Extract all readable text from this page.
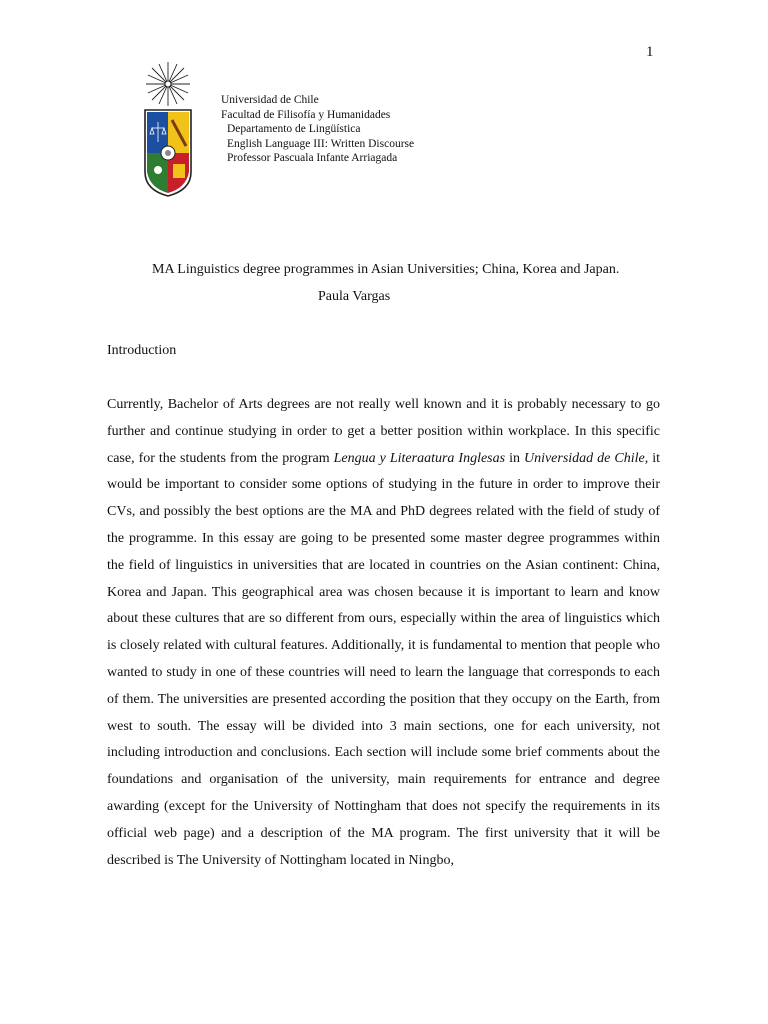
1
Universidad de Chile
Facultad de Filisofía y Humanidades
Departamento de Lingüística
English Language III: Written Discourse
Professor Pascuala Infante Arriagada
MA Linguistics degree programmes in Asian Universities; China, Korea and Japan.
Paula Vargas
Introduction
Currently, Bachelor of Arts degrees are not really well known and it is probably necessary to go further and continue studying in order to get a better position within workplace. In this specific case, for the students from the program Lengua y Literaatura Inglesas in Universidad de Chile, it would be important to consider some options of studying in the future in order to improve their CVs, and possibly the best options are the MA and PhD degrees related with the field of study of the programme. In this essay are going to be presented some master degree programmes within the field of linguistics in universities that are located in countries on the Asian continent: China, Korea and Japan. This geographical area was chosen because it is important to learn and know about these cultures that are so different from ours, especially within the area of linguistics which is closely related with cultural features. Additionally, it is fundamental to mention that people who wanted to study in one of these countries will need to learn the language that corresponds to each of them. The universities are presented according the position that they occupy on the Earth, from west to south. The essay will be divided into 3 main sections, one for each university, not including introduction and conclusions. Each section will include some brief comments about the foundations and organisation of the university, main requirements for entrance and degree awarding (except for the University of Nottingham that does not specify the requirements in its official web page) and a description of the MA program. The first university that it will be described is The University of Nottingham located in Ningbo,
